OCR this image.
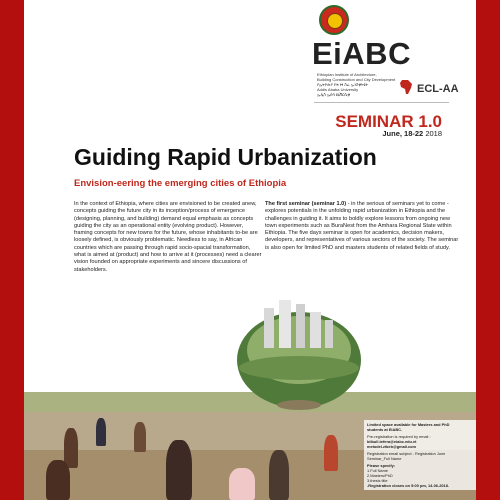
EiABC
Ethiopian Institute of Architecture,
Building Construction and City Development
የኢትዮጵያ የሕንፃ ስራ ኢንስቲትዩት
Addis Ababa University
ኢዲስ ኢበባ ዩኒቨርሲቲ	ECL-AA
SEMINAR 1.0
June, 18-22 2018
Guiding Rapid Urbanization
Envision-eering the emerging cities of Ethiopia
In the context of Ethiopia, where cities are envisioned to be created anew, concepts guiding the future city in its inception/process of emergence (designing, planning, and building) demand equal emphasis as concepts guiding the city as an operational entity (evolving product). However, framing concepts for new towns for the future, whose inhabitants to-be are loosely defined, is obviously problematic. Needless to say, in African countries which are passing through rapid socio-spacial transformation, what is aimed at (product) and how to arrive at it (processes) need a clearer vision founded on appropriate experiments and sincere discussions of stakeholders.
The first seminar (seminar 1.0) - in the serious of seminars yet to come - explores potentials in the unfolding rapid urbanization in Ethiopia and the challenges in guiding it. It aims to boldly explore lessons from ongoing new town experiments such as BuraNest from the Amhara Regional State within Ethiopia. The five days seminar is open for academics, decision makers, developers, and representatives of various sectors of the society. The seminar is also open for limited PhD and masters students of related fields of study.
Limited space available for Masters and PhD
students at EiABC.
Pre-registration is required by email :
bilbull.tefera@eiabc.edu.et
metodel.zibeb@gmail.com
Registration email subject - Registration June
Seminar_Full Name
Please specify:
1.Full Name
2.Masters/PhD
3.thesis title
-Registration closes on 5:00 pm, 14-06-2018.
